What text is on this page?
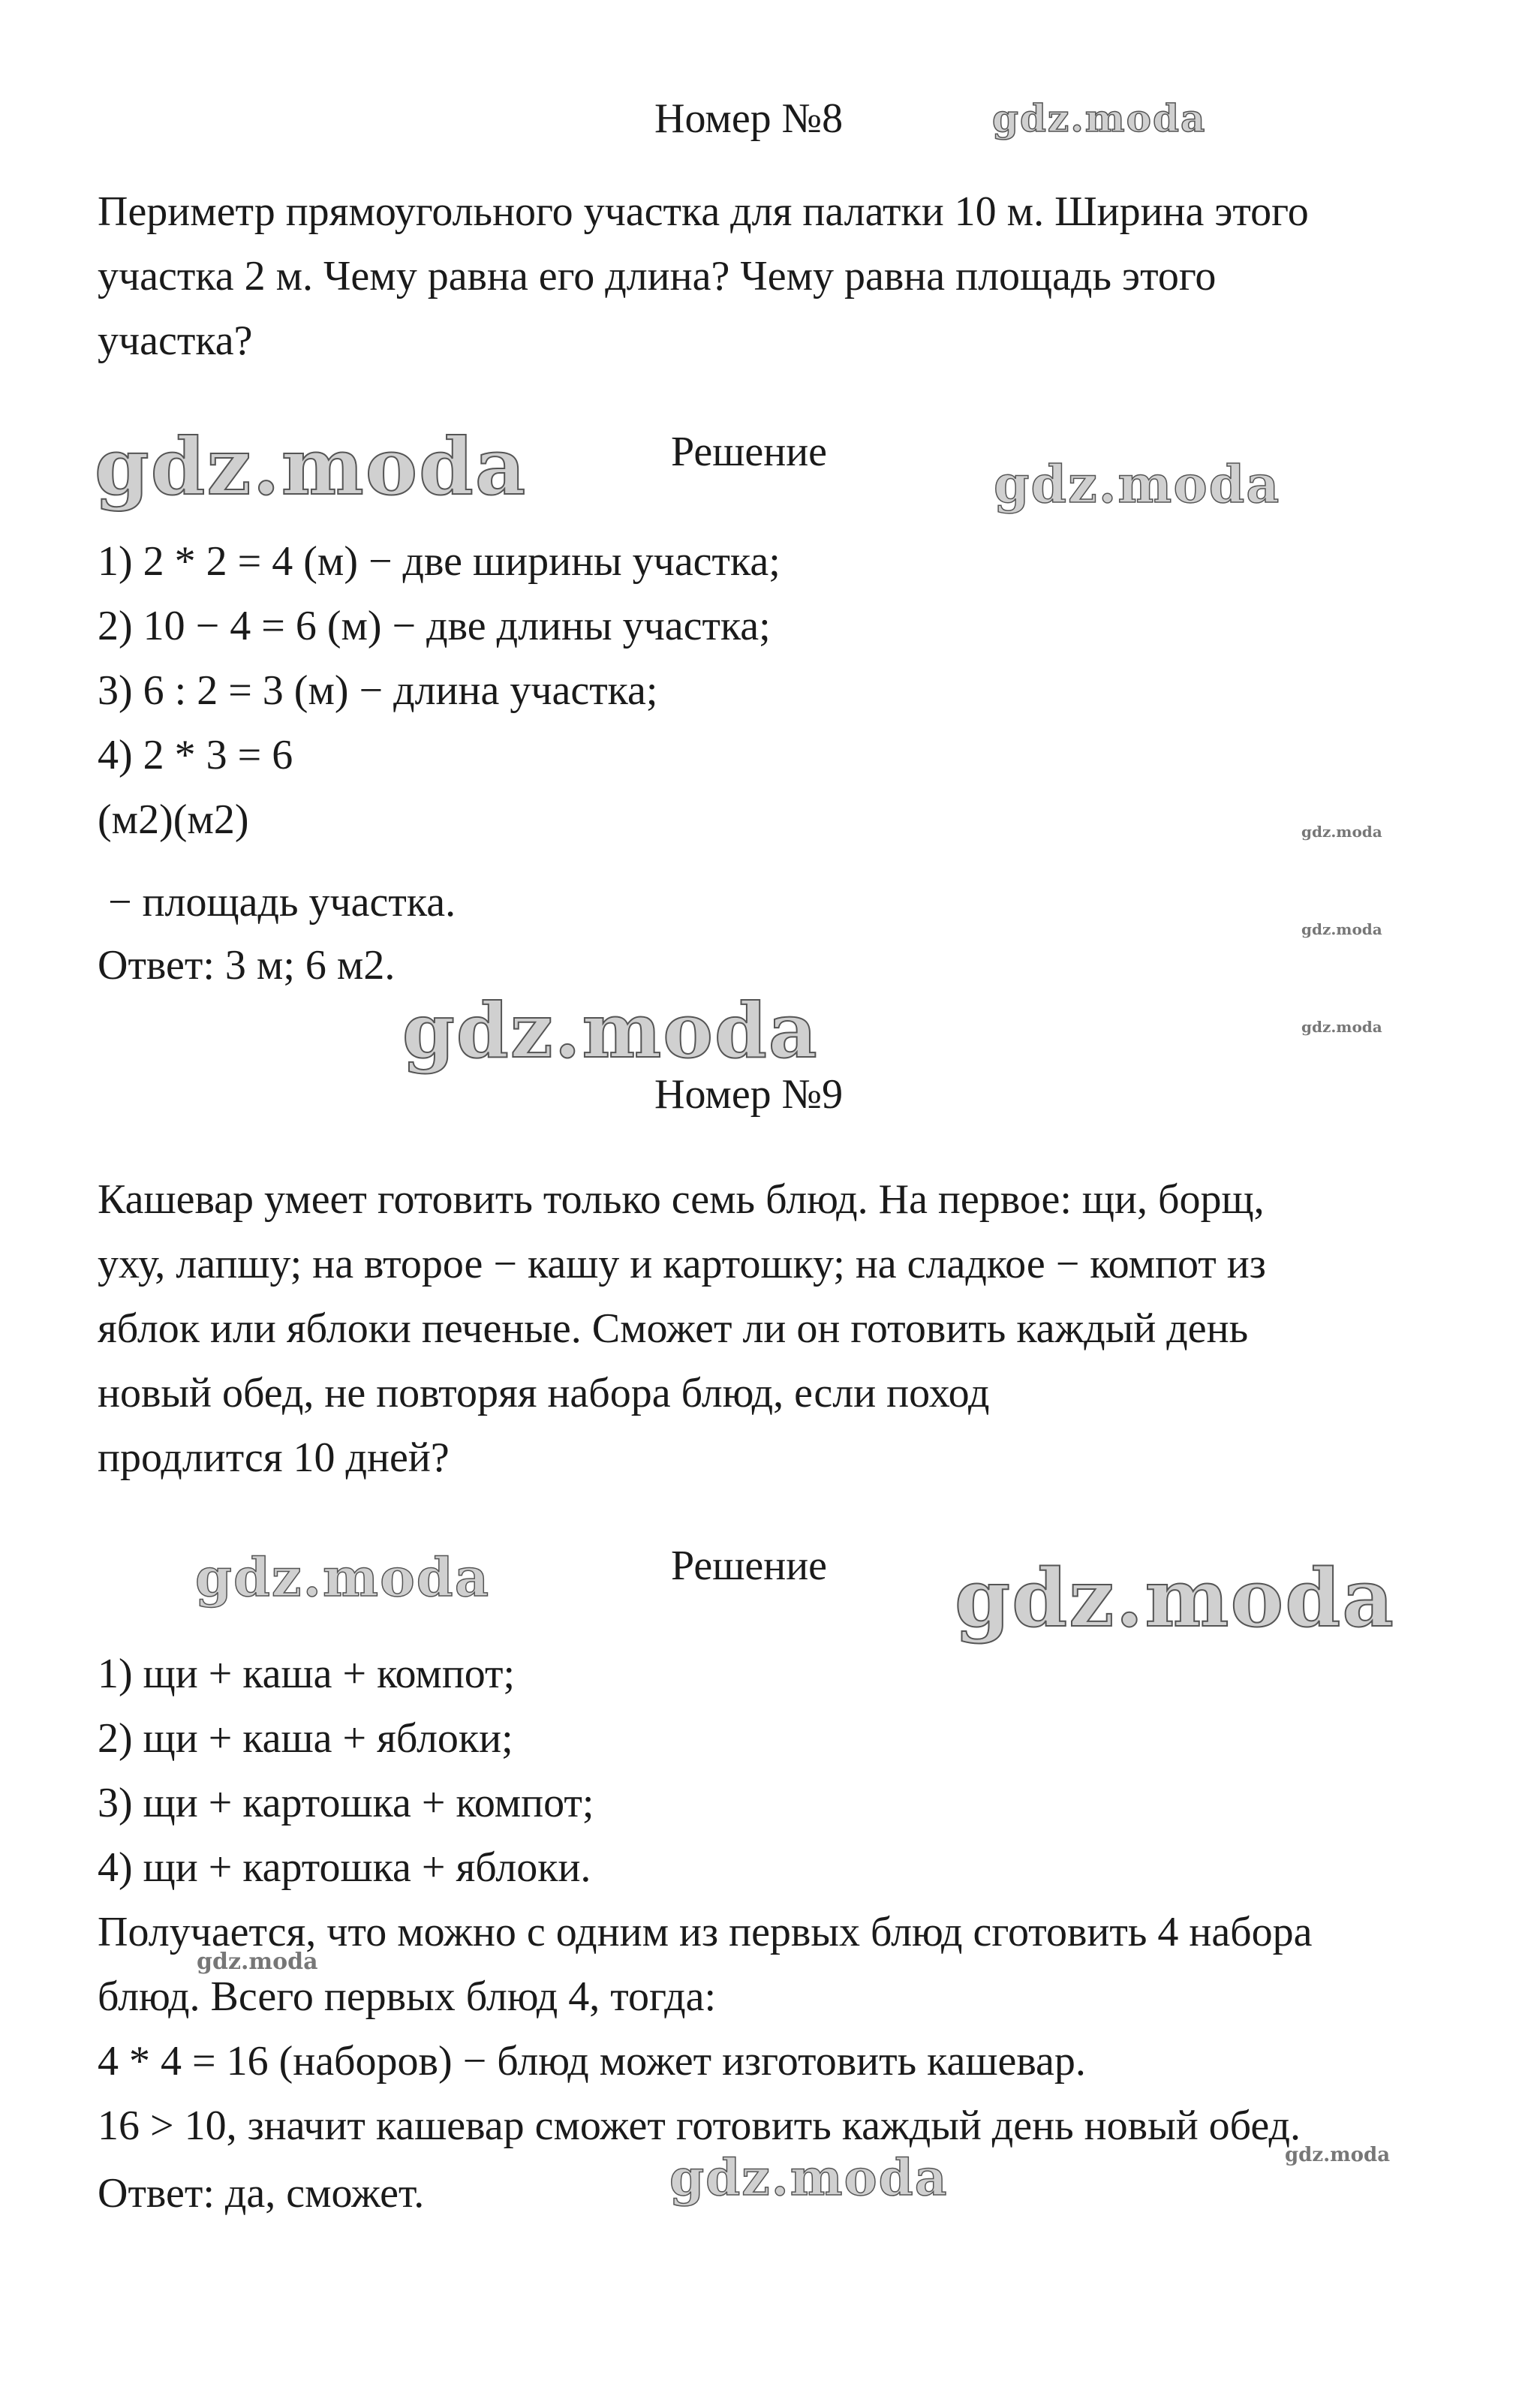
Номер №8	gdz.moda
Периметр прямоугольного участка для палатки 10 м. Ширина этого
участка 2 м. Чему равна его длина? Чему равна площадь этого
участка?
gdz.moda	Решение
gdz.moda
1) 2 * 2 = 4 (м) − две ширины участка;
2) 10 − 4 = 6 (м) − две длины участка;
3) 6 : 2 = 3 (м) − длина участка;
4) 2 * 3 = 6
(м2)(м2)	gdz.moda
− площадь участка.
gdz.moda
Ответ: 3 м; 6 м2.
gdz.moda	gdz.moda
Номер №9
Кашевар умеет готовить только семь блюд. На первое: щи, борщ,
уху, лапшу; на второе − кашу и картошку; на сладкое − компот из
яблок или яблоки печеные. Сможет ли он готовить каждый день
новый обед, не повторяя набора блюд, если поход
продлится 10 дней?
gdz.moda	Решение gdz.moda
1) щи + каша + компот;
2) щи + каша + яблоки;
3) щи + картошка + компот;
4) щи + картошка + яблоки.
Получается, что можно с одним из первых блюд сготовить 4 набора
gdz.moda
блюд. Всего первых блюд 4, тогда:
4 * 4 = 16 (наборов) − блюд может изготовить кашевар.
16 > 10, значит кашевар сможет готовить каждый день новый обед.
gdz.moda
gdz.moda
Ответ: да, сможет.
